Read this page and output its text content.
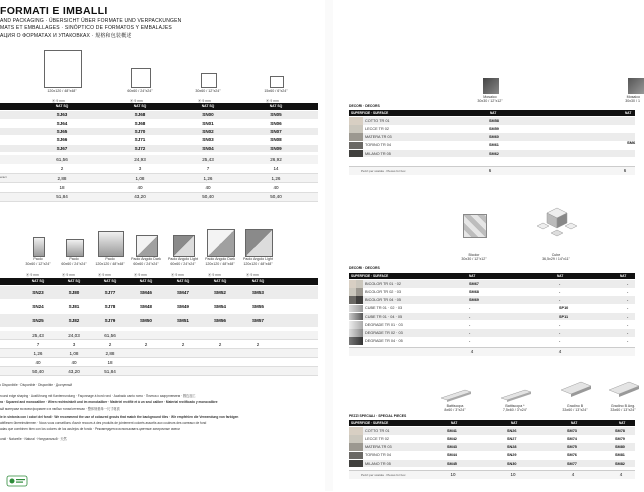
FORMATI E IMBALLI
AND PACKAGING · ÜBERSICHT ÜBER FORMATE UND VERPACKUNGEN
MATS ET EMBALLAGES · SINÓPTICO DE FORMATOS Y EMBALAJES
АЦИЯ О ФОРМАТАХ И УПАКОВКАХ · 規格和包装概述
120x120 / 48"x48"	60x60 / 24"x24"	30x60 / 12"x24"	15x60 / 6"x24"
⦿ 9 mm	⦿ 9 mm	⦿ 9 mm	⦿ 9 mm
NAT SQ	NAT SQ	NAT SQ	NAT SQ
SJ63	SJ68	SN00	SN05
SJ64	SJ68	SN01	SN06
SJ65	SJ70	SN02	SN07
SJ66	SJ71	SN03	SN08
SJ67	SJ72	SN04	SN09
61,56	24,93	25,43	26,92
2	3	7	14
2,88	1,08	1,26	1,26
18	40	40	40
51,84	43,20	50,40	50,40
eraci
Paolo
30x60 / 12"x24"
Paolo
60x60 / 24"x24"
Paolo
120x120 / 48"x48"
Paolo Angolo Dark
60x60 / 24"x24"
Paolo Angolo Light
60x60 / 24"x24"
Paolo Angolo Dark
120x120 / 48"x48"
Paolo Angolo Light
120x120 / 48"x48"
⦿ 9 mm	⦿ 9 mm	⦿ 9 mm	⦿ 9 mm	⦿ 9 mm	⦿ 9 mm	⦿ 9 mm
NAT SQ	NAT SQ	NAT SQ	NAT SQ	NAT SQ	NAT SQ	NAT SQ
SN23	SJ80	SJ77	SM46	SM47	SM52	SM53
SN24	SJ81	SJ78	SM48	SM49	SM54	SM55
SN25	SJ82	SJ79	SM50	SM51	SM56	SM57
25,43	24,03	61,56
7	3	2	2	2	2	2
1,26	1,08	2,88
40	40	18
50,40	43,20	51,84
• Disponibile · Disponible · Disponible · Доступный
round edge shaping · Ausführung mit Kantenrundung · Façonnage à bord rond · Acabado canto romo · Плитка с закруглением · 圆边加工
ra · Squared and monocalibre · Wiren rechtwinkelt und im monokaliber · Matériel rectifié et à un seul calibre · Material rectificado y monocalibre
ый материал во всем формате и в любых тонах/оттенках · 整体规格单一尺寸材质
ie in sintonia con i colori del fondi · We recommend the use of coloured grouts that match the background tiles · Wir empfehlen die Verwendung von farbigen
abfliesen übereinstimmen · Nous vous conseillons d'avoir recours à des produits de jointement colorés assortis aux couleurs des carreaux de fond
adas que combinen bien con los colores de los azulejos de fondo · Рекомендуется использовать цветные затирочные смеси
urali · Naturelle · Natural · Натуральный · 天然
Mosaico
30x30 / 12"x12"
Mosaico
30x30 / 1
DECORI · DECORS
SUPERFICIE · SURFACE	NAT	NAT
COTTO TR 01	SM58
LECCE TR 02	SM59
MATERA TR 03	SM60
TORINO TR 04	SM61
MILANO TR 05	SM62
SM6
Pezzi per scatola · Pieces for box	6	6
Bicolor
30x30 / 12"x12"
Cube
36,5x29 / 14"x11"
DECORI · DECORS
SUPERFICIE · SURFACE	NAT	NAT	NAT
BICOLOR TR 01 · 02	SM67	-	-
BICOLOR TR 02 · 03	SM68	-	-
BICOLOR TR 04 · 05	SM69	-	-
CUBE TR 01 · 02 · 03	-	SP10	-
CUBE TR 01 · 04 · 05	-	SP11	-
DEGRADE TR 01 · 03	-	-	-
DEGRADE TR 02 · 03	-	-	-
DEGRADE TR 04 · 05	-	-	-
4	4
Battiscopa
8x60 / 3"x24"
Battiscopa *
7,5x60 / 3"x24"
Gradino B
33x60 / 13"x24"
Gradino B Ang.
33x60 / 13"x24"
PEZZI SPECIALI · SPECIAL PIECES
SUPERFICIE · SURFACE	NAT	NAT	NAT	NAT
COTTO TR 01	SM41	SN26	SM73	SM78
LECCE TR 02	SM42	SN27	SM74	SM79
MATERA TR 03	SM43	SN28	SM75	SM80
TORINO TR 04	SM44	SN29	SM76	SM81
MILANO TR 05	SM45	SN30	SM77	SM82
Pezzi per scatola · Pieces for box	10	10	4	4
